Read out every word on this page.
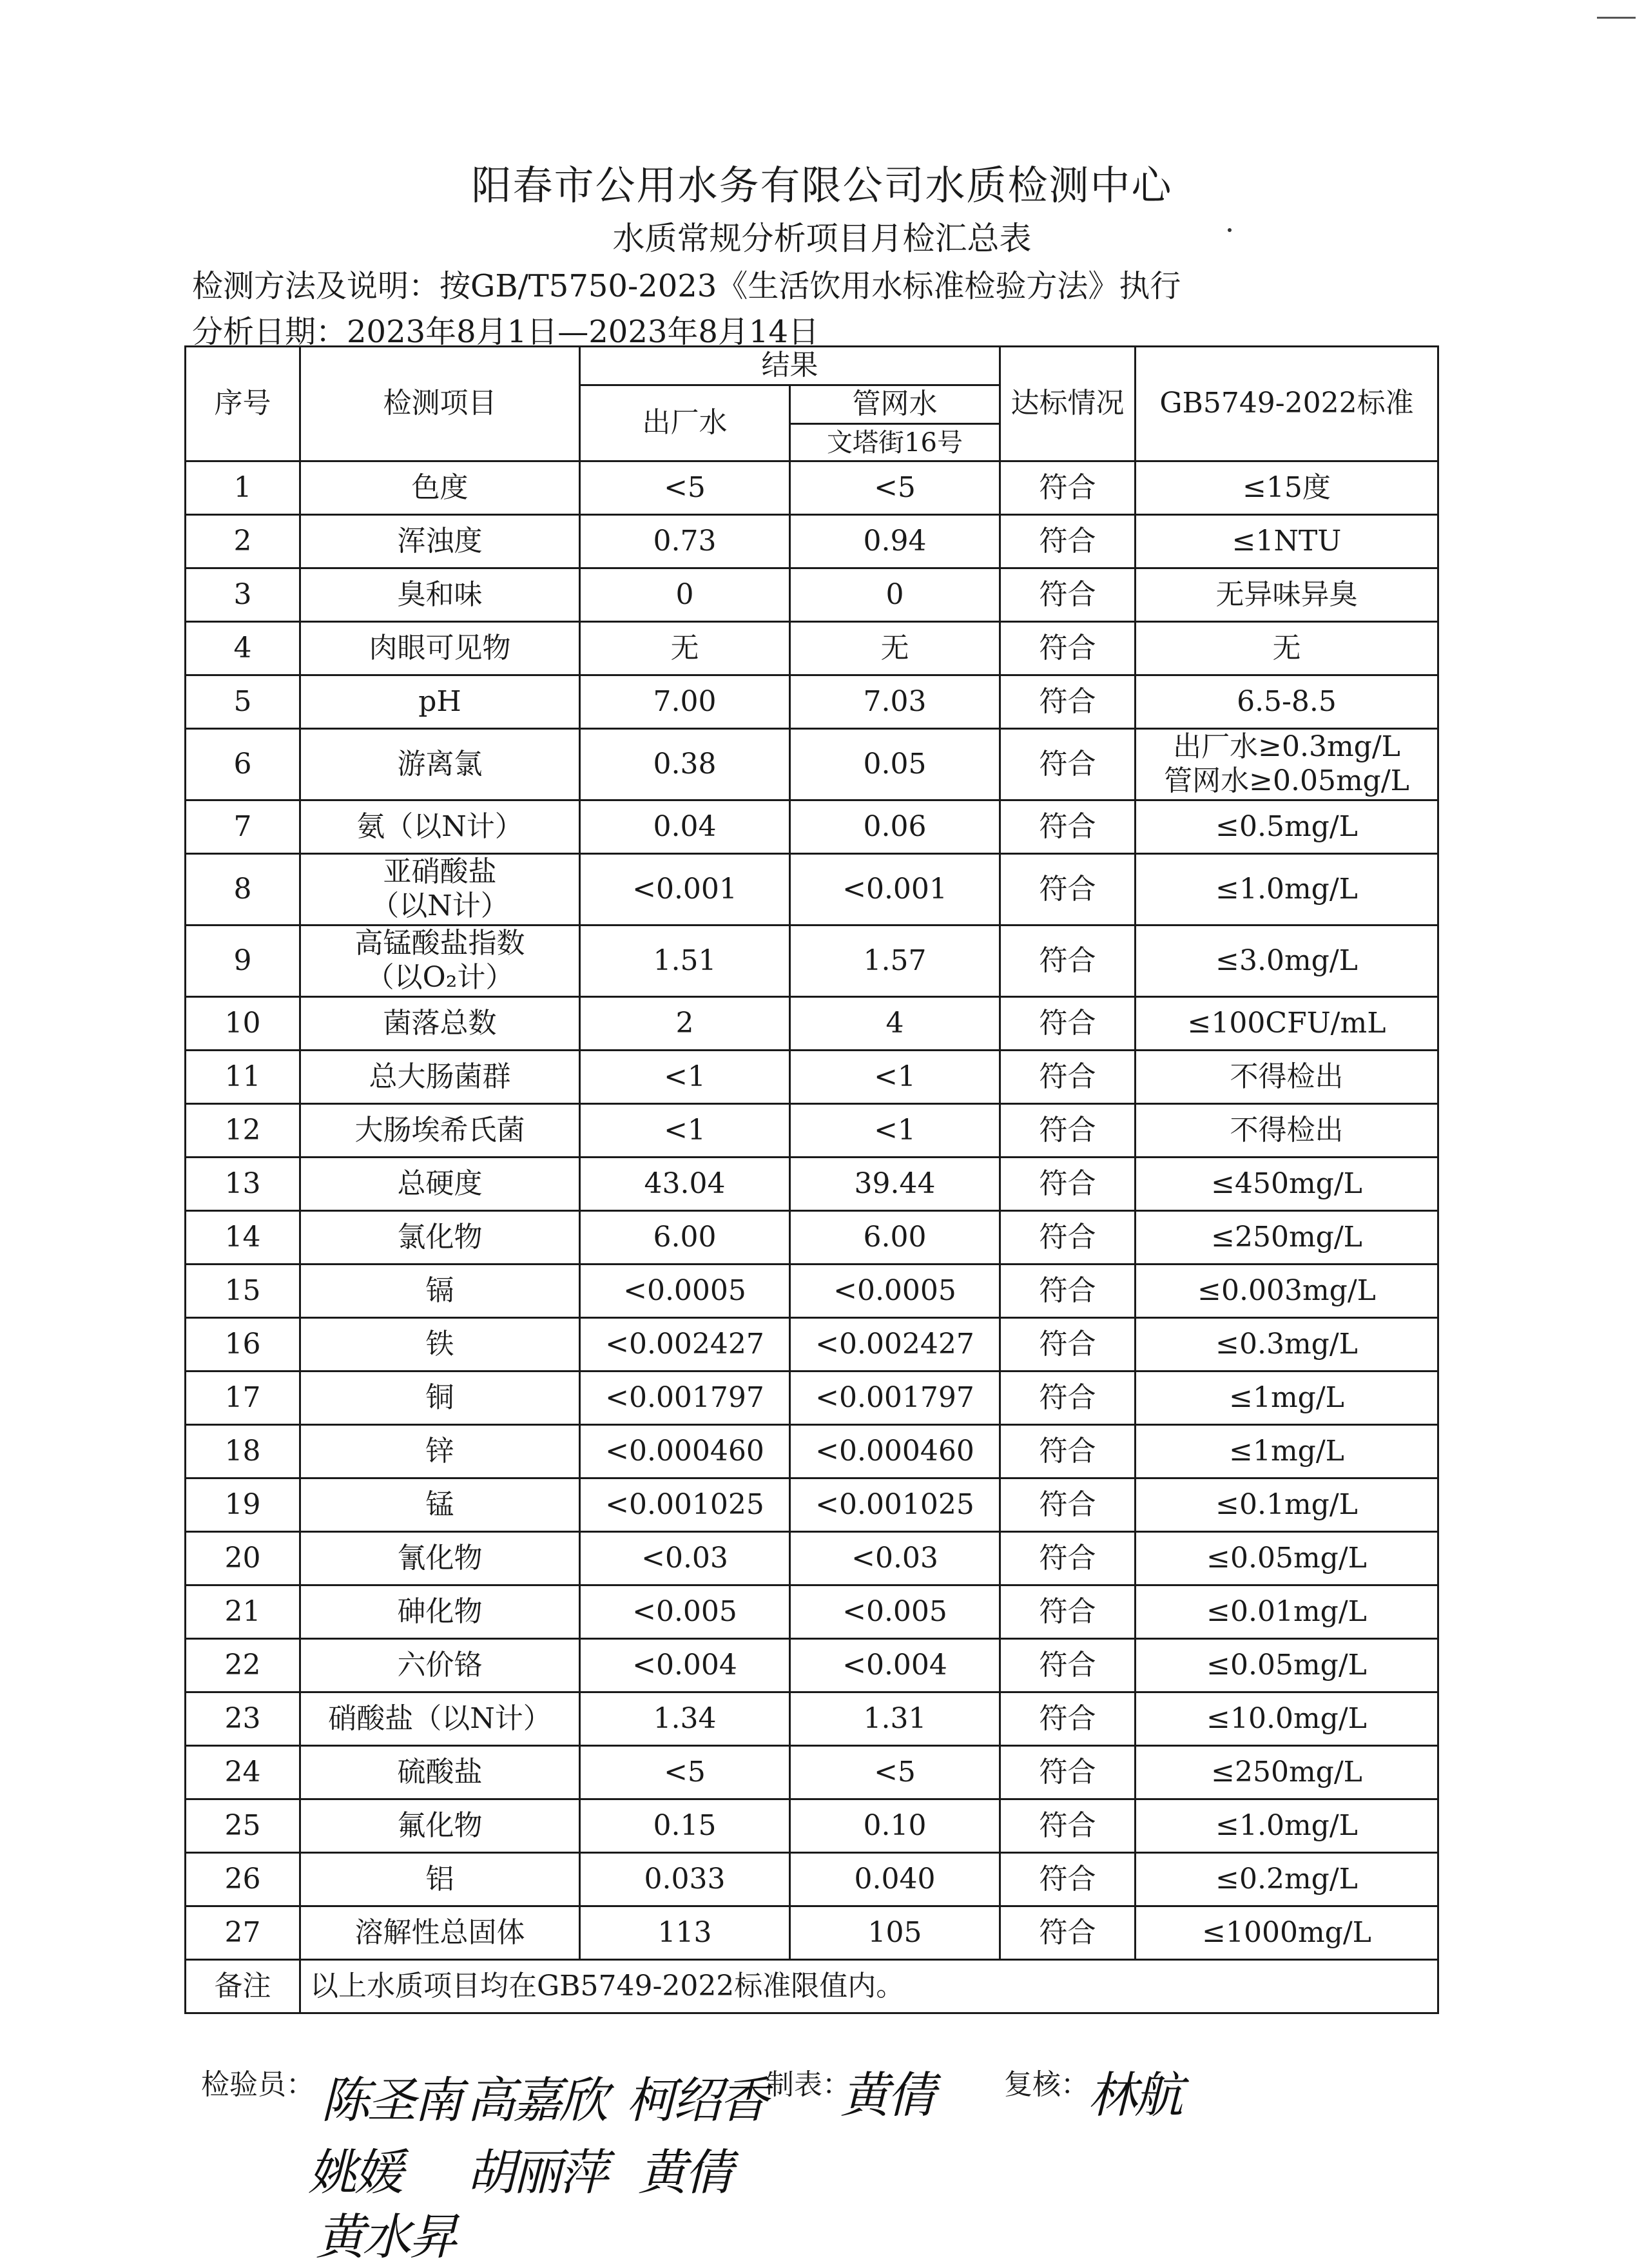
阳春市公用水务有限公司水质检测中心
水质常规分析项目月检汇总表
检测方法及说明：按GB/T5750-2023《生活饮用水标准检验方法》执行
分析日期：2023年8月1日—2023年8月14日
序号	检测项目	结果		达标情况	GB5749-2022标准
		出厂水	管网水		
			文塔街16号		
1	色度	<5	<5	符合	≤15度
2	浑浊度	0.73	0.94	符合	≤1NTU
3	臭和味	0	0	符合	无异味异臭
4	肉眼可见物	无	无	符合	无
5	pH	7.00	7.03	符合	6.5-8.5
6	游离氯	0.38	0.05	符合	出厂水≥0.3mg/L
管网水≥0.05mg/L
7	氨（以N计）	0.04	0.06	符合	≤0.5mg/L
8	亚硝酸盐
（以N计）	<0.001	<0.001	符合	≤1.0mg/L
9	高锰酸盐指数
（以O₂计）	1.51	1.57	符合	≤3.0mg/L
10	菌落总数	2	4	符合	≤100CFU/mL
11	总大肠菌群	<1	<1	符合	不得检出
12	大肠埃希氏菌	<1	<1	符合	不得检出
13	总硬度	43.04	39.44	符合	≤450mg/L
14	氯化物	6.00	6.00	符合	≤250mg/L
15	镉	<0.0005	<0.0005	符合	≤0.003mg/L
16	铁	<0.002427	<0.002427	符合	≤0.3mg/L
17	铜	<0.001797	<0.001797	符合	≤1mg/L
18	锌	<0.000460	<0.000460	符合	≤1mg/L
19	锰	<0.001025	<0.001025	符合	≤0.1mg/L
20	氰化物	<0.03	<0.03	符合	≤0.05mg/L
21	砷化物	<0.005	<0.005	符合	≤0.01mg/L
22	六价铬	<0.004	<0.004	符合	≤0.05mg/L
23	硝酸盐（以N计）	1.34	1.31	符合	≤10.0mg/L
24	硫酸盐	<5	<5	符合	≤250mg/L
25	氟化物	0.15	0.10	符合	≤1.0mg/L
26	铝	0.033	0.040	符合	≤0.2mg/L
27	溶解性总固体	113	105	符合	≤1000mg/L
备注	以上水质项目均在GB5749-2022标准限值内。				
检验员：	制表：	复核：
陈圣南 高嘉欣 柯绍香
姚媛 胡丽萍 黄倩
黄水昇
黄倩	林航
